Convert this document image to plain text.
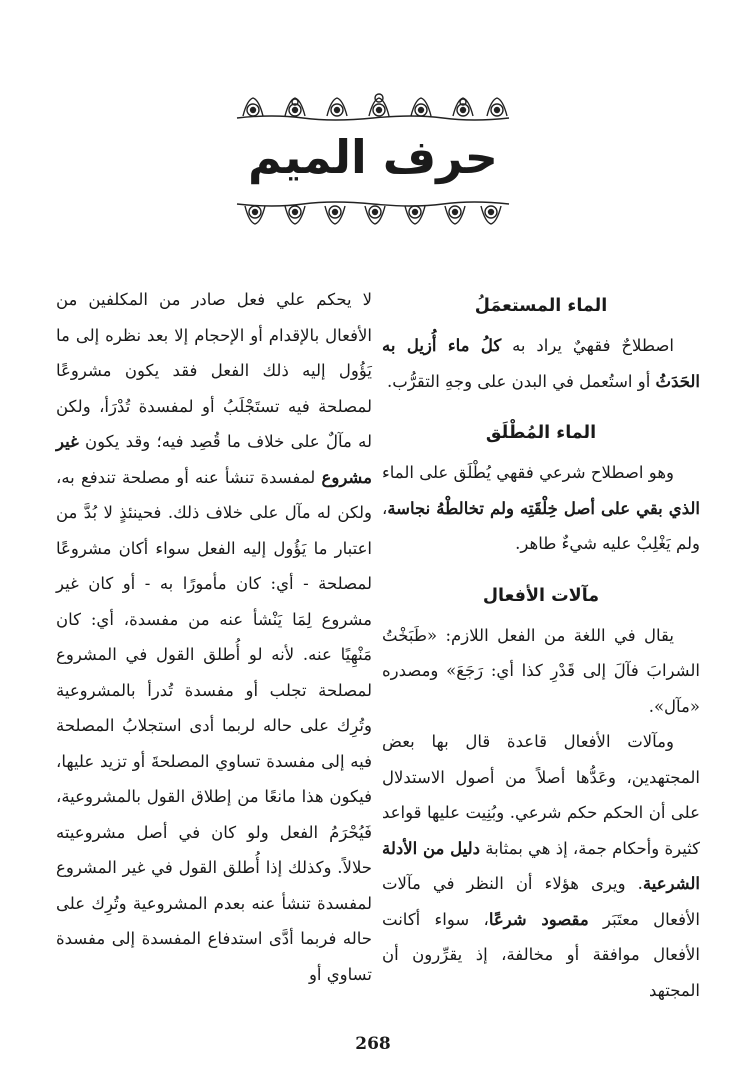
حرف الميم
الماء المستعمَلُ

اصطلاحٌ فقهيٌ يراد به كلُ ماء أُزيل به الحَدَثُ أو استُعمل في البدن على وجهِ التقرُّب.

الماء المُطْلَق

وهو اصطلاح شرعي فقهي يُطْلَق على الماء الذي بقي على أصل خِلْقَتِه ولم تخالطْهُ نجاسة، ولم يَغْلِبْ عليه شيءٌ طاهر.

مآلات الأفعال

يقال في اللغة من الفعل اللازم: «طَبَخْتُ الشرابَ فآلَ إلى قَدْرِ كذا أي: رَجَعَ» ومصدره «مآل».

ومآلات الأفعال قاعدة قال بها بعض المجتهدين، وعَدُّها أصلاً من أصول الاستدلال على أن الحكم حكم شرعي. وبُنِيت عليها قواعد كثيرة وأحكام جمة، إذ هي بمثابة دليل من الأدلة الشرعية. ويرى هؤلاء أن النظر في مآلات الأفعال معتَبَر مقصود شرعًا، سواء أكانت الأفعال موافقة أو مخالفة، إذ يقرِّرون أن المجتهد

لا يحكم علي فعل صادر من المكلفين من الأفعال بالإقدام أو الإحجام إلا بعد نظره إلى ما يَؤُول إليه ذلك الفعل فقد يكون مشروعًا لمصلحة فيه تستَجْلَبُ أو لمفسدة تُدْرَأ، ولكن له مآلٌ على خلاف ما قُصِد فيه؛ وقد يكون غير مشروع لمفسدة تنشأ عنه أو مصلحة تندفع به، ولكن له مآل على خلاف ذلك. فحينئذٍ لا بُدَّ من اعتبار ما يَؤُول إليه الفعل سواء أكان مشروعًا لمصلحة - أي: كان مأمورًا به - أو كان غير مشروع لِمَا يَنْشأ عنه من مفسدة، أي: كان مَنْهِيًا عنه. لأنه لو أُطلق القول في المشروع لمصلحة تجلب أو مفسدة تُدرأ بالمشروعية وتُرِك على حاله لربما أدى استجلابُ المصلحة فيه إلى مفسدة تساوي المصلحةَ أو تزيد عليها، فيكون هذا مانعًا من إطلاق القول بالمشروعية، فَيُحْرَمُ الفعل ولو كان في أصل مشروعيته حلالاً. وكذلك إذا أُطلق القول في غير المشروع لمفسدة تنشأ عنه بعدم المشروعية وتُرِك على حاله فربما أدَّى استدفاع المفسدة إلى مفسدة تساوي أو

268
